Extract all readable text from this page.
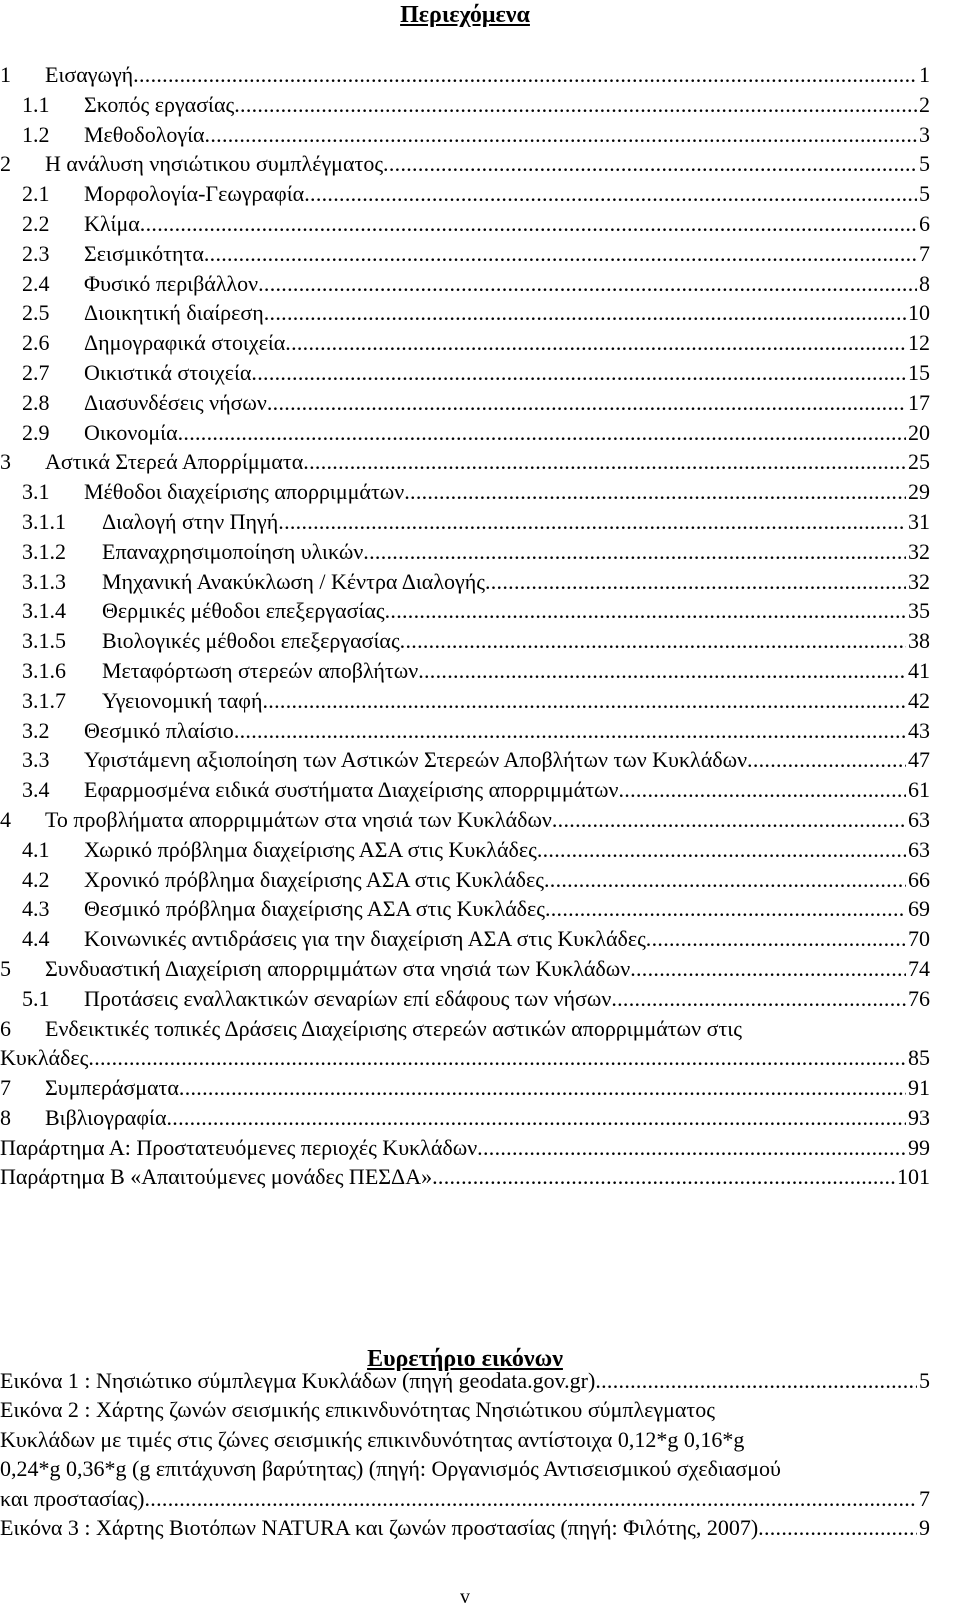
Περιεχόμενα
1	Εισαγωγή . . .	1
1.1	Σκοπός εργασίας . . .	2
1.2	Μεθοδολογία . . .	3
2	Η ανάλυση νησιώτικου συμπλέγματος . . .	5
2.1	Μορφολογία-Γεωγραφία . . .	5
2.2	Κλίμα . . .	6
2.3	Σεισμικότητα . . .	7
2.4	Φυσικό περιβάλλον . . .	8
2.5	Διοικητική διαίρεση . . .	10
2.6	Δημογραφικά στοιχεία . . .	12
2.7	Οικιστικά στοιχεία . . .	15
2.8	Διασυνδέσεις νήσων . . .	17
2.9	Οικονομία . . .	20
3	Αστικά Στερεά Απορρίμματα . . .	25
3.1	Μέθοδοι διαχείρισης απορριμμάτων . . .	29
3.1.1	Διαλογή στην Πηγή . . .	31
3.1.2	Επαναχρησιμοποίηση υλικών . . .	32
3.1.3	Μηχανική Ανακύκλωση / Κέντρα Διαλογής . . .	32
3.1.4	Θερμικές μέθοδοι επεξεργασίας . . .	35
3.1.5	Βιολογικές μέθοδοι επεξεργασίας . . .	38
3.1.6	Μεταφόρτωση στερεών αποβλήτων . . .	41
3.1.7	Υγειονομική ταφή . . .	42
3.2	Θεσμικό πλαίσιο . . .	43
3.3	Υφιστάμενη αξιοποίηση των Αστικών Στερεών Αποβλήτων των Κυκλάδων . . .	47
3.4	Εφαρμοσμένα ειδικά συστήματα Διαχείρισης απορριμμάτων . . .	61
4	Το προβλήματα απορριμμάτων στα νησιά των Κυκλάδων . . .	63
4.1	Χωρικό πρόβλημα διαχείρισης ΑΣΑ στις Κυκλάδες . . .	63
4.2	Χρονικό πρόβλημα διαχείρισης ΑΣΑ στις Κυκλάδες . . .	66
4.3	Θεσμικό πρόβλημα διαχείρισης ΑΣΑ στις Κυκλάδες . . .	69
4.4	Κοινωνικές αντιδράσεις για την διαχείριση ΑΣΑ στις Κυκλάδες . . .	70
5	Συνδυαστική Διαχείριση απορριμμάτων στα νησιά των Κυκλάδων . . .	74
5.1	Προτάσεις εναλλακτικών σεναρίων επί εδάφους των νήσων . . .	76
6 Ενδεικτικές τοπικές Δράσεις Διαχείρισης στερεών αστικών απορριμμάτων στις
Κυκλάδες . . .	85
7	Συμπεράσματα . . .	91
8	Βιβλιογραφία . . .	93
Παράρτημα Α: Προστατευόμενες περιοχές Κυκλάδων . . .	99
Παράρτημα Β «Απαιτούμενες μονάδες ΠΕΣΔΑ» . . .	101
Ευρετήριο εικόνων
Εικόνα 1 : Νησιώτικο σύμπλεγμα Κυκλάδων (πηγή geodata.gov.gr) . . .	5
Εικόνα 2 : Χάρτης ζωνών σεισμικής επικινδυνότητας Νησιώτικου σύμπλεγματος
Κυκλάδων με τιμές στις ζώνες σεισμικής επικινδυνότητας αντίστοιχα 0,12*g 0,16*g
0,24*g 0,36*g (g επιτάχυνση βαρύτητας) (πηγή: Οργανισμός Αντισεισμικού σχεδιασμού
και προστασίας) . . .	7
Εικόνα 3 : Χάρτης Βιοτόπων NATURA και ζωνών προστασίας (πηγή: Φιλότης, 2007) . . .	9
v
